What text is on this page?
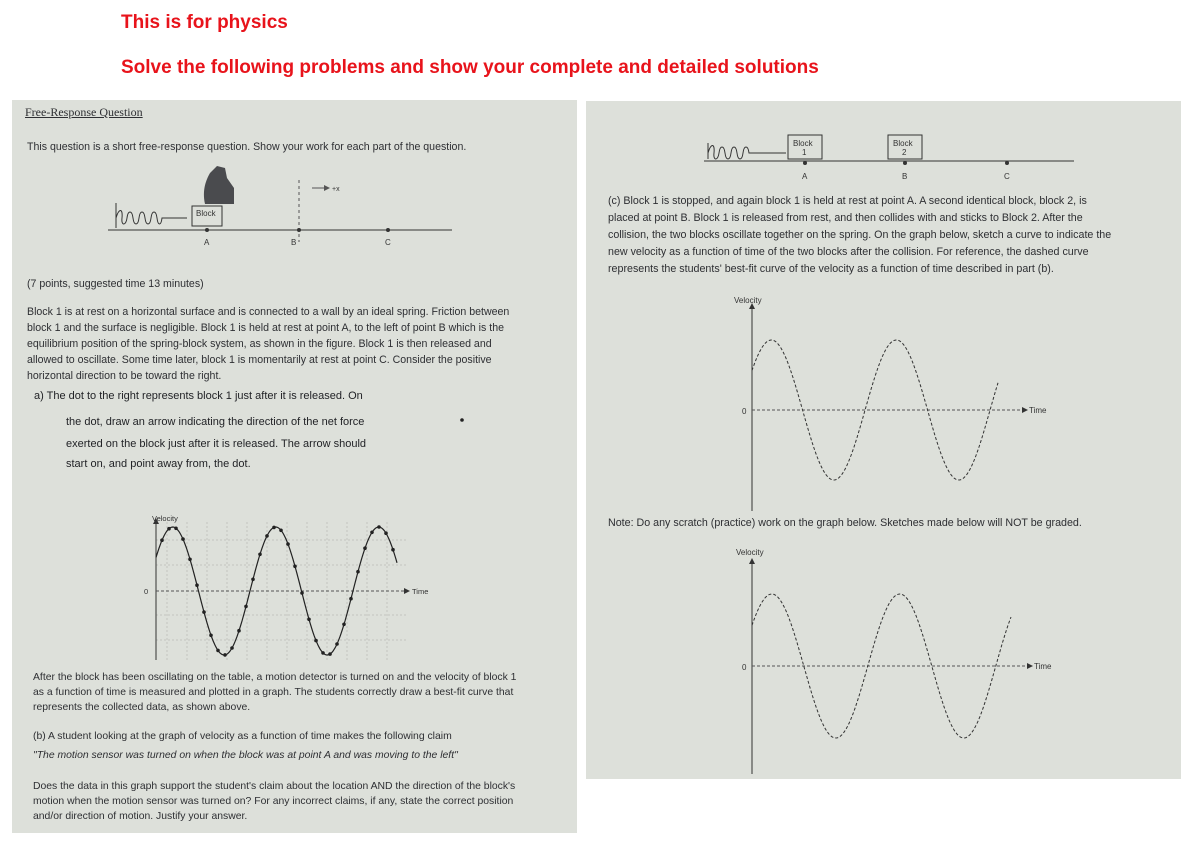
This is for physics

Solve the following problems and show your complete and detailed solutions

Free-Response Question

This question is a short free-response question. Show your work for each part of the question.

Block
+x
A	B	C

(7 points, suggested time 13 minutes)

Block 1 is at rest on a horizontal surface and is connected to a wall by an ideal spring. Friction between

block 1 and the surface is negligible. Block 1 is held at rest at point A, to the left of point B which is the

equilibrium position of the spring-block system, as shown in the figure. Block 1 is then released and

allowed to oscillate. Some time later, block 1 is momentarily at rest at point C. Consider the positive

horizontal direction to be toward the right.

a) The dot to the right represents block 1 just after it is released. On

the dot, draw an arrow indicating the direction of the net force

exerted on the block just after it is released. The arrow should

start on, and point away from, the dot.

Velocity
Time
0

After the block has been oscillating on the table, a motion detector is turned on and the velocity of block 1

as a function of time is measured and plotted in a graph. The students correctly draw a best-fit curve that

represents the collected data, as shown above.

(b) A student looking at the graph of velocity as a function of time makes the following claim

"The motion sensor was turned on when the block was at point A and was moving to the left"

Does the data in this graph support the student's claim about the location AND the direction of the block's

motion when the motion sensor was turned on? For any incorrect claims, if any, state the correct position

and/or direction of motion. Justify your answer.

Block
1
Block
2
A	B	C

(c) Block 1 is stopped, and again block 1 is held at rest at point A. A second identical block, block 2, is

placed at point B. Block 1 is released from rest, and then collides with and sticks to Block 2. After the

collision, the two blocks oscillate together on the spring. On the graph below, sketch a curve to indicate the

new velocity as a function of time of the two blocks after the collision. For reference, the dashed curve

represents the students' best-fit curve of the velocity as a function of time described in part (b).

Velocity
Time
0

Note: Do any scratch (practice) work on the graph below. Sketches made below will NOT be graded.

Velocity
Time
0
